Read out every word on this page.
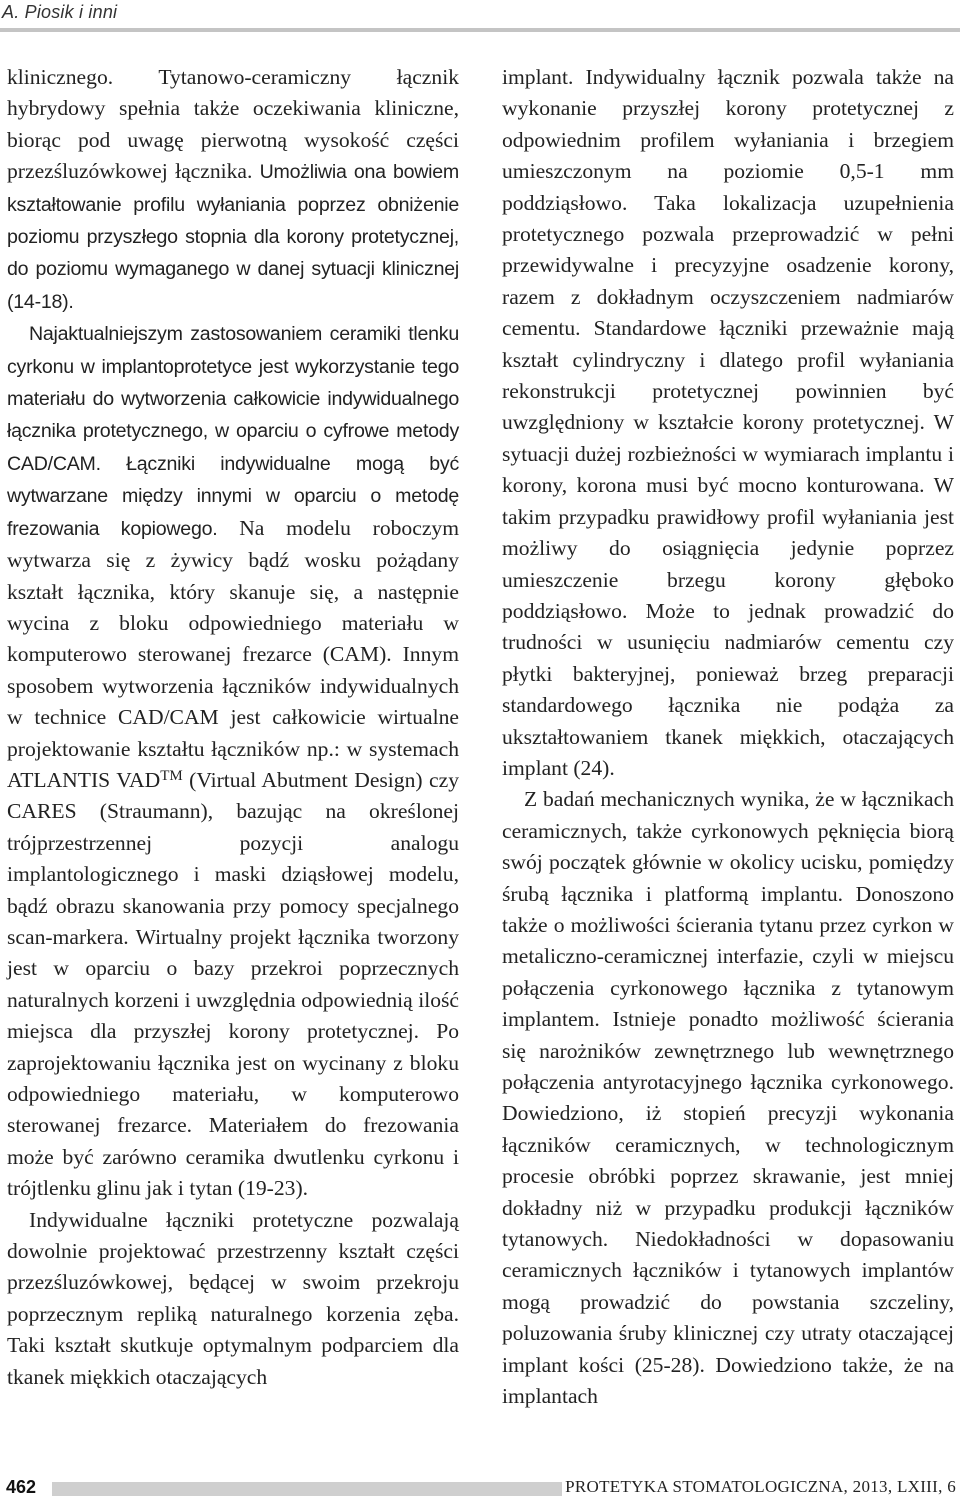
A. Piosik i inni

klinicznego. Tytanowo-ceramiczny łącznik hybrydowy spełnia także oczekiwania kliniczne, biorąc pod uwagę pierwotną wysokość części przezśluzówkowej łącznika. Umożliwia ona bowiem kształtowanie profilu wyłaniania poprzez obniżenie poziomu przyszłego stopnia dla korony protetycznej, do poziomu wymaganego w danej sytuacji klinicznej (14-18).

Najaktualniejszym zastosowaniem ceramiki tlenku cyrkonu w implantoprotetyce jest wykorzystanie tego materiału do wytworzenia całkowicie indywidualnego łącznika protetycznego, w oparciu o cyfrowe metody CAD/CAM. Łączniki indywidualne mogą być wytwarzane między innymi w oparciu o metodę frezowania kopiowego. Na modelu roboczym wytwarza się z żywicy bądź wosku pożądany kształt łącznika, który skanuje się, a następnie wycina z bloku odpowiedniego materiału w komputerowo sterowanej frezarce (CAM). Innym sposobem wytworzenia łączników indywidualnych w technice CAD/CAM jest całkowicie wirtualne projektowanie kształtu łączników np.: w systemach ATLANTIS VAD™ (Virtual Abutment Design) czy CARES (Straumann), bazując na określonej trójprzestrzennej pozycji analogu implantologicznego i maski dziąsłowej modelu, bądź obrazu skanowania przy pomocy specjalnego scan-markera. Wirtualny projekt łącznika tworzony jest w oparciu o bazy przekroi poprzecznych naturalnych korzeni i uwzględnia odpowiednią ilość miejsca dla przyszłej korony protetycznej. Po zaprojektowaniu łącznika jest on wycinany z bloku odpowiedniego materiału, w komputerowo sterowanej frezarce. Materiałem do frezowania może być zarówno ceramika dwutlenku cyrkonu i trójtlenku glinu jak i tytan (19-23).

Indywidualne łączniki protetyczne pozwalają dowolnie projektować przestrzenny kształt części przezśluzówkowej, będącej w swoim przekroju poprzecznym repliką naturalnego korzenia zęba. Taki kształt skutkuje optymalnym podparciem dla tkanek miękkich otaczających

implant. Indywidualny łącznik pozwala także na wykonanie przyszłej korony protetycznej z odpowiednim profilem wyłaniania i brzegiem umieszczonym na poziomie 0,5-1 mm poddziąsłowo. Taka lokalizacja uzupełnienia protetycznego pozwala przeprowadzić w pełni przewidywalne i precyzyjne osadzenie korony, razem z dokładnym oczyszczeniem nadmiarów cementu. Standardowe łączniki przeważnie mają kształt cylindryczny i dlatego profil wyłaniania rekonstrukcji protetycznej powinnien być uwzględniony w kształcie korony protetycznej. W sytuacji dużej rozbieżności w wymiarach implantu i korony, korona musi być mocno konturowana. W takim przypadku prawidłowy profil wyłaniania jest możliwy do osiągnięcia jedynie poprzez umieszczenie brzegu korony głęboko poddziąsłowo. Może to jednak prowadzić do trudności w usunięciu nadmiarów cementu czy płytki bakteryjnej, ponieważ brzeg preparacji standardowego łącznika nie podąża za ukształtowaniem tkanek miękkich, otaczających implant (24).

Z badań mechanicznych wynika, że w łącznikach ceramicznych, także cyrkonowych pęknięcia biorą swój początek głównie w okolicy ucisku, pomiędzy śrubą łącznika i platformą implantu. Donoszono także o możliwości ścierania tytanu przez cyrkon w metaliczno-ceramicznej interfazie, czyli w miejscu połączenia cyrkonowego łącznika z tytanowym implantem. Istnieje ponadto możliwość ścierania się narożników zewnętrznego lub wewnętrznego połączenia antyrotacyjnego łącznika cyrkonowego. Dowiedziono, iż stopień precyzji wykonania łączników ceramicznych, w technologicznym procesie obróbki poprzez skrawanie, jest mniej dokładny niż w przypadku produkcji łączników tytanowych. Niedokładności w dopasowaniu ceramicznych łączników i tytanowych implantów mogą prowadzić do powstania szczeliny, poluzowania śruby klinicznej czy utraty otaczającej implant kości (25-28). Dowiedziono także, że na implantach

462	PROTETYKA STOMATOLOGICZNA, 2013, LXIII, 6
